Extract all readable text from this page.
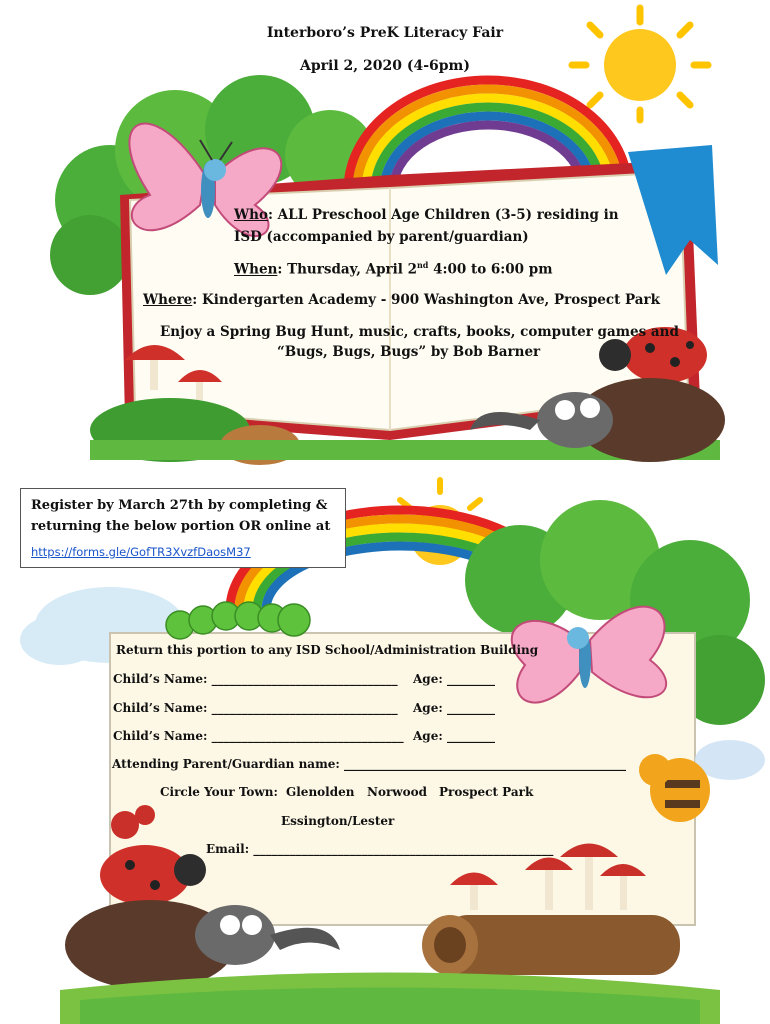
Interboro’s PreK Literacy Fair
April 2, 2020 (4-6pm)
Who: ALL Preschool Age Children (3-5) residing in
ISD (accompanied by parent/guardian)
When: Thursday, April 2nd 4:00 to 6:00 pm
Where: Kindergarten Academy - 900 Washington Ave, Prospect Park
Enjoy a Spring Bug Hunt, music, crafts, books, computer games and
“Bugs, Bugs, Bugs” by Bob Barner
Register by March 27th by completing &
returning the below portion OR online at
https://forms.gle/GofTR3XvzfDaosM37
Return this portion to any ISD School/Administration Building
Child’s Name: _______________________________ Age: ________
Child’s Name: _______________________________ Age: ________
Child’s Name: ________________________________ Age: ________
Attending Parent/Guardian name: _______________________________________________
Circle Your Town: Glenolden Norwood Prospect Park
Essington/Lester
Email: __________________________________________________
